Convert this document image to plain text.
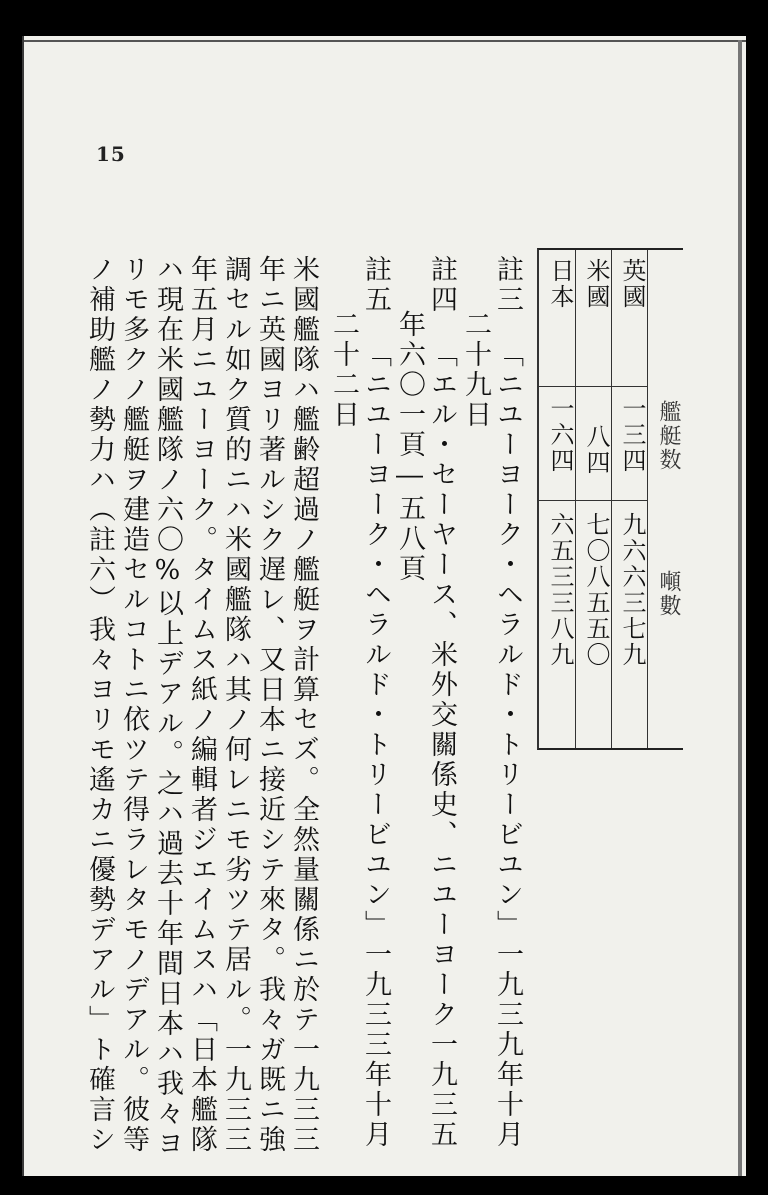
15
艦艇数
噸數
英國
一三四
九六六三七九
米國
八四
七〇八五五〇
日本
一六四
六五三三八九
註三
「ニユーヨーク・ヘラルド・トリービユン」一九三九年十月
二十九日
註四
「エル・セーヤース、米外交關係史、ニユーヨーク一九三五
年六〇一頁―五八頁
註五
「ニユーヨーク・ヘラルド・トリービユン」一九三三年十月
二十二日
米國艦隊ハ艦齢超過ノ艦艇ヲ計算セズ。全然量關係ニ於テ一九三三
年ニ英國ヨリ著ルシク遅レ、又日本ニ接近シテ來タ。我々ガ既ニ強
調セル如ク質的ニハ米國艦隊ハ其ノ何レニモ劣ツテ居ル。一九三三
年五月ニユーヨーク。タイムス紙ノ編輯者ジエイムスハ「日本艦隊
ハ現在米國艦隊ノ六〇%以上デアル。之ハ過去十年間日本ハ我々ヨ
リモ多クノ艦艇ヲ建造セルコトニ依ツテ得ラレタモノデアル。彼等
ノ補助艦ノ勢力ハ（註六）我々ヨリモ遙カニ優勢デアル」ト確言シ
